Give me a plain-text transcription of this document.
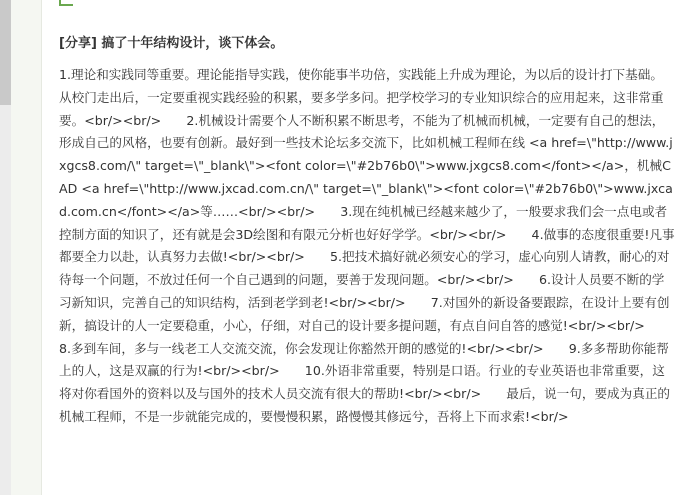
[分享] 搞了十年结构设计，谈下体会。

1.理论和实践同等重要。理论能指导实践，使你能事半功倍，实践能上升成为理论，为以后的设计打下基础。从校门走出后，一定要重视实践经验的积累，要多学多问。把学校学习的专业知识综合的应用起来，这非常重要。<br/><br/>　　2.机械设计需要个人不断积累不断思考，不能为了机械而机械，一定要有自己的想法，形成自己的风格，也要有创新。最好到一些技术论坛多交流下，比如机械工程师在线 <a href=\"http://www.jxgcs8.com/\" target=\"_blank\"><font color=\"#2b76b0\">www.jxgcs8.com</font></a>，机械CAD <a href=\"http://www.jxcad.com.cn/\" target=\"_blank\"><font color=\"#2b76b0\">www.jxcad.com.cn</font></a>等……<br/><br/>　　3.现在纯机械已经越来越少了，一般要求我们会一点电或者控制方面的知识了，还有就是会3D绘图和有限元分析也好好学学。<br/><br/>　　4.做事的态度很重要!凡事都要全力以赴，认真努力去做!<br/><br/>　　5.把技术搞好就必须安心的学习，虚心向别人请教，耐心的对待每一个问题，不放过任何一个自己遇到的问题，要善于发现问题。<br/><br/>　　6.设计人员要不断的学习新知识，完善自己的知识结构，活到老学到老!<br/><br/>　　7.对国外的新设备要跟踪，在设计上要有创新，搞设计的人一定要稳重，小心，仔细，对自己的设计要多提问题，有点自问自答的感觉!<br/><br/>　　8.多到车间，多与一线老工人交流交流，你会发现让你豁然开朗的感觉的!<br/><br/>　　9.多多帮助你能帮上的人，这是双赢的行为!<br/><br/>　　10.外语非常重要，特别是口语。行业的专业英语也非常重要，这将对你看国外的资料以及与国外的技术人员交流有很大的帮助!<br/><br/>　　最后，说一句，要成为真正的机械工程师，不是一步就能完成的，要慢慢积累，路慢慢其修远兮，吾将上下而求索!<br/>
